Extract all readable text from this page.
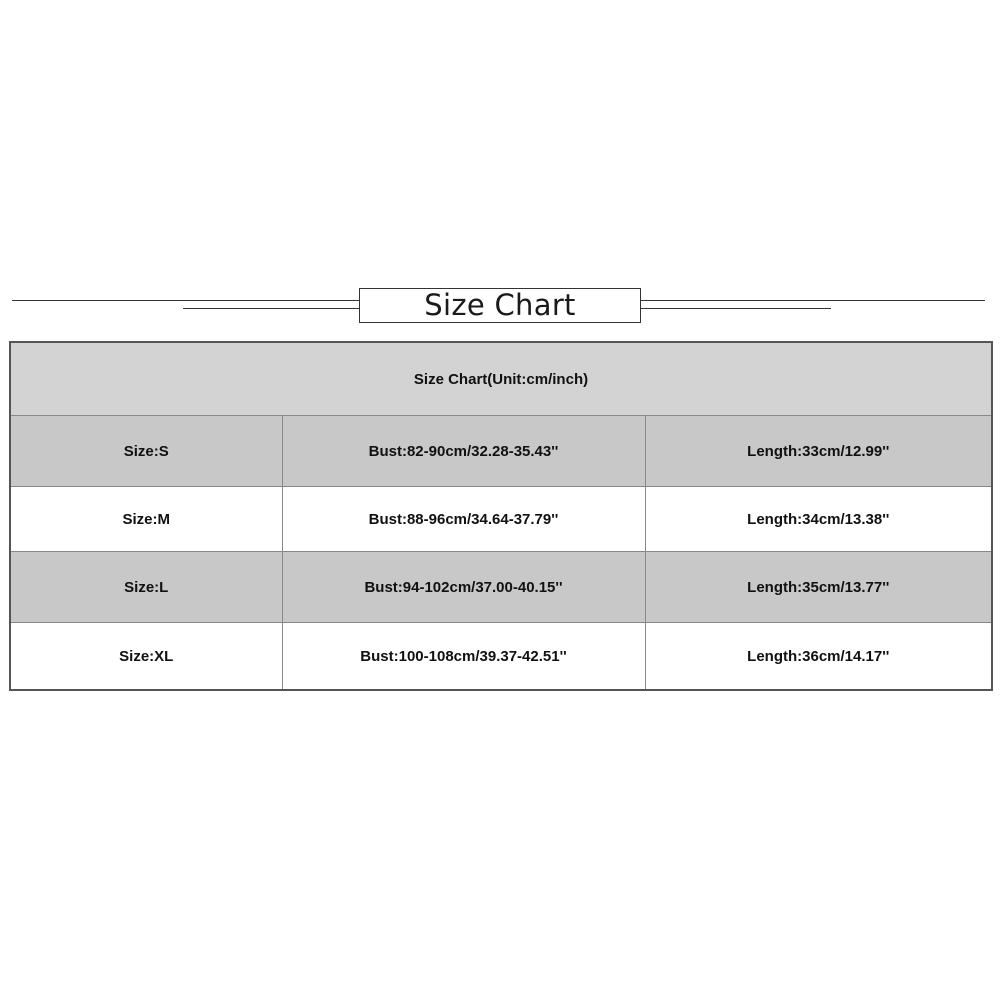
Size Chart
Size Chart(Unit:cm/inch)		
Size:S	Bust:82-90cm/32.28-35.43''	Length:33cm/12.99''
Size:M	Bust:88-96cm/34.64-37.79''	Length:34cm/13.38''
Size:L	Bust:94-102cm/37.00-40.15''	Length:35cm/13.77''
Size:XL	Bust:100-108cm/39.37-42.51''	Length:36cm/14.17''
